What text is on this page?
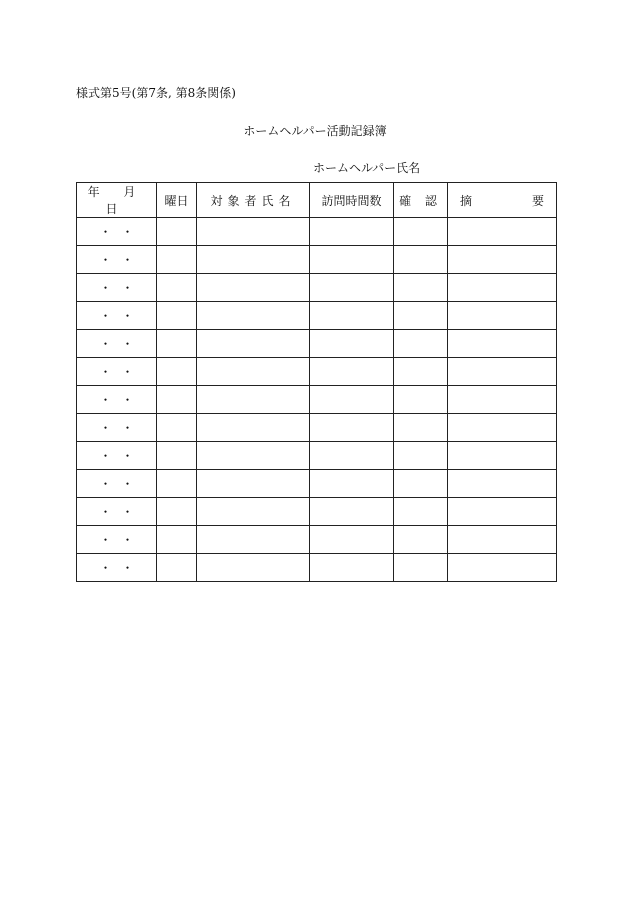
様式第5号(第7条, 第8条関係)
ホームヘルパー活動記録簿
ホームヘルパー氏名
年 月 日	曜日	対象者氏名	訪問時間数	確 認	摘 要

・ ・					
・ ・					
・ ・					
・ ・					
・ ・					
・ ・					
・ ・					
・ ・					
・ ・					
・ ・					
・ ・					
・ ・					
・ ・					
